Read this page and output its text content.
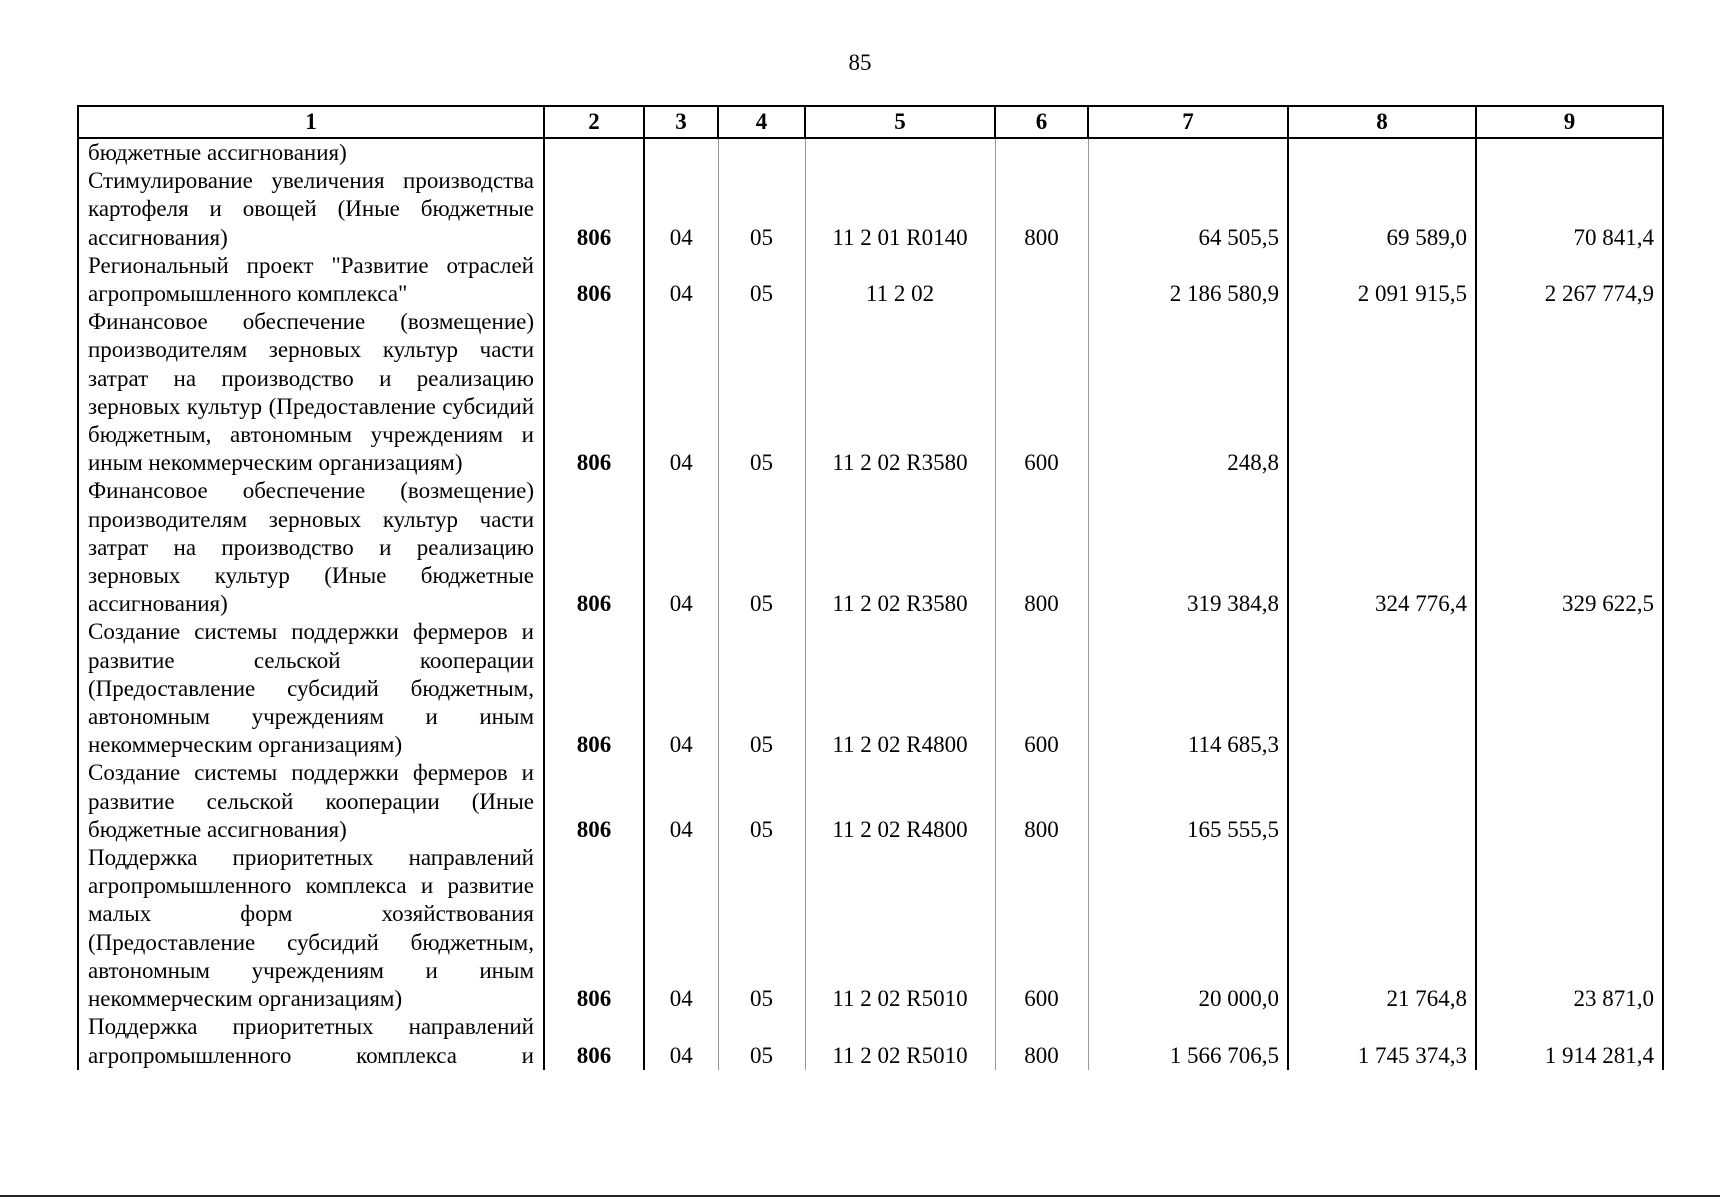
85
1	2	3	4	5	6	7	8	9
бюджетные ассигнования)								
Стимулирование увеличения производства картофеля и овощей (Иные бюджетные ассигнования)	806	04	05	11 2 01 R0140	800	64 505,5	69 589,0	70 841,4
Региональный проект "Развитие отраслей агропромышленного комплекса"	806	04	05	11 2 02		2 186 580,9	2 091 915,5	2 267 774,9
Финансовое обеспечение (возмещение) производителям зерновых культур части затрат на производство и реализацию зерновых культур (Предоставление субсидий бюджетным, автономным учреждениям и иным некоммерческим организациям)	806	04	05	11 2 02 R3580	600	248,8		
Финансовое обеспечение (возмещение) производителям зерновых культур части затрат на производство и реализацию зерновых культур (Иные бюджетные ассигнования)	806	04	05	11 2 02 R3580	800	319 384,8	324 776,4	329 622,5
Создание системы поддержки фермеров и развитие сельской кооперации (Предоставление субсидий бюджетным, автономным учреждениям и иным некоммерческим организациям)	806	04	05	11 2 02 R4800	600	114 685,3		
Создание системы поддержки фермеров и развитие сельской кооперации (Иные бюджетные ассигнования)	806	04	05	11 2 02 R4800	800	165 555,5		
Поддержка приоритетных направлений агропромышленного комплекса и развитие малых форм хозяйствования (Предоставление субсидий бюджетным, автономным учреждениям и иным некоммерческим организациям)	806	04	05	11 2 02 R5010	600	20 000,0	21 764,8	23 871,0
Поддержка приоритетных направлений агропромышленного комплекса и	806	04	05	11 2 02 R5010	800	1 566 706,5	1 745 374,3	1 914 281,4
